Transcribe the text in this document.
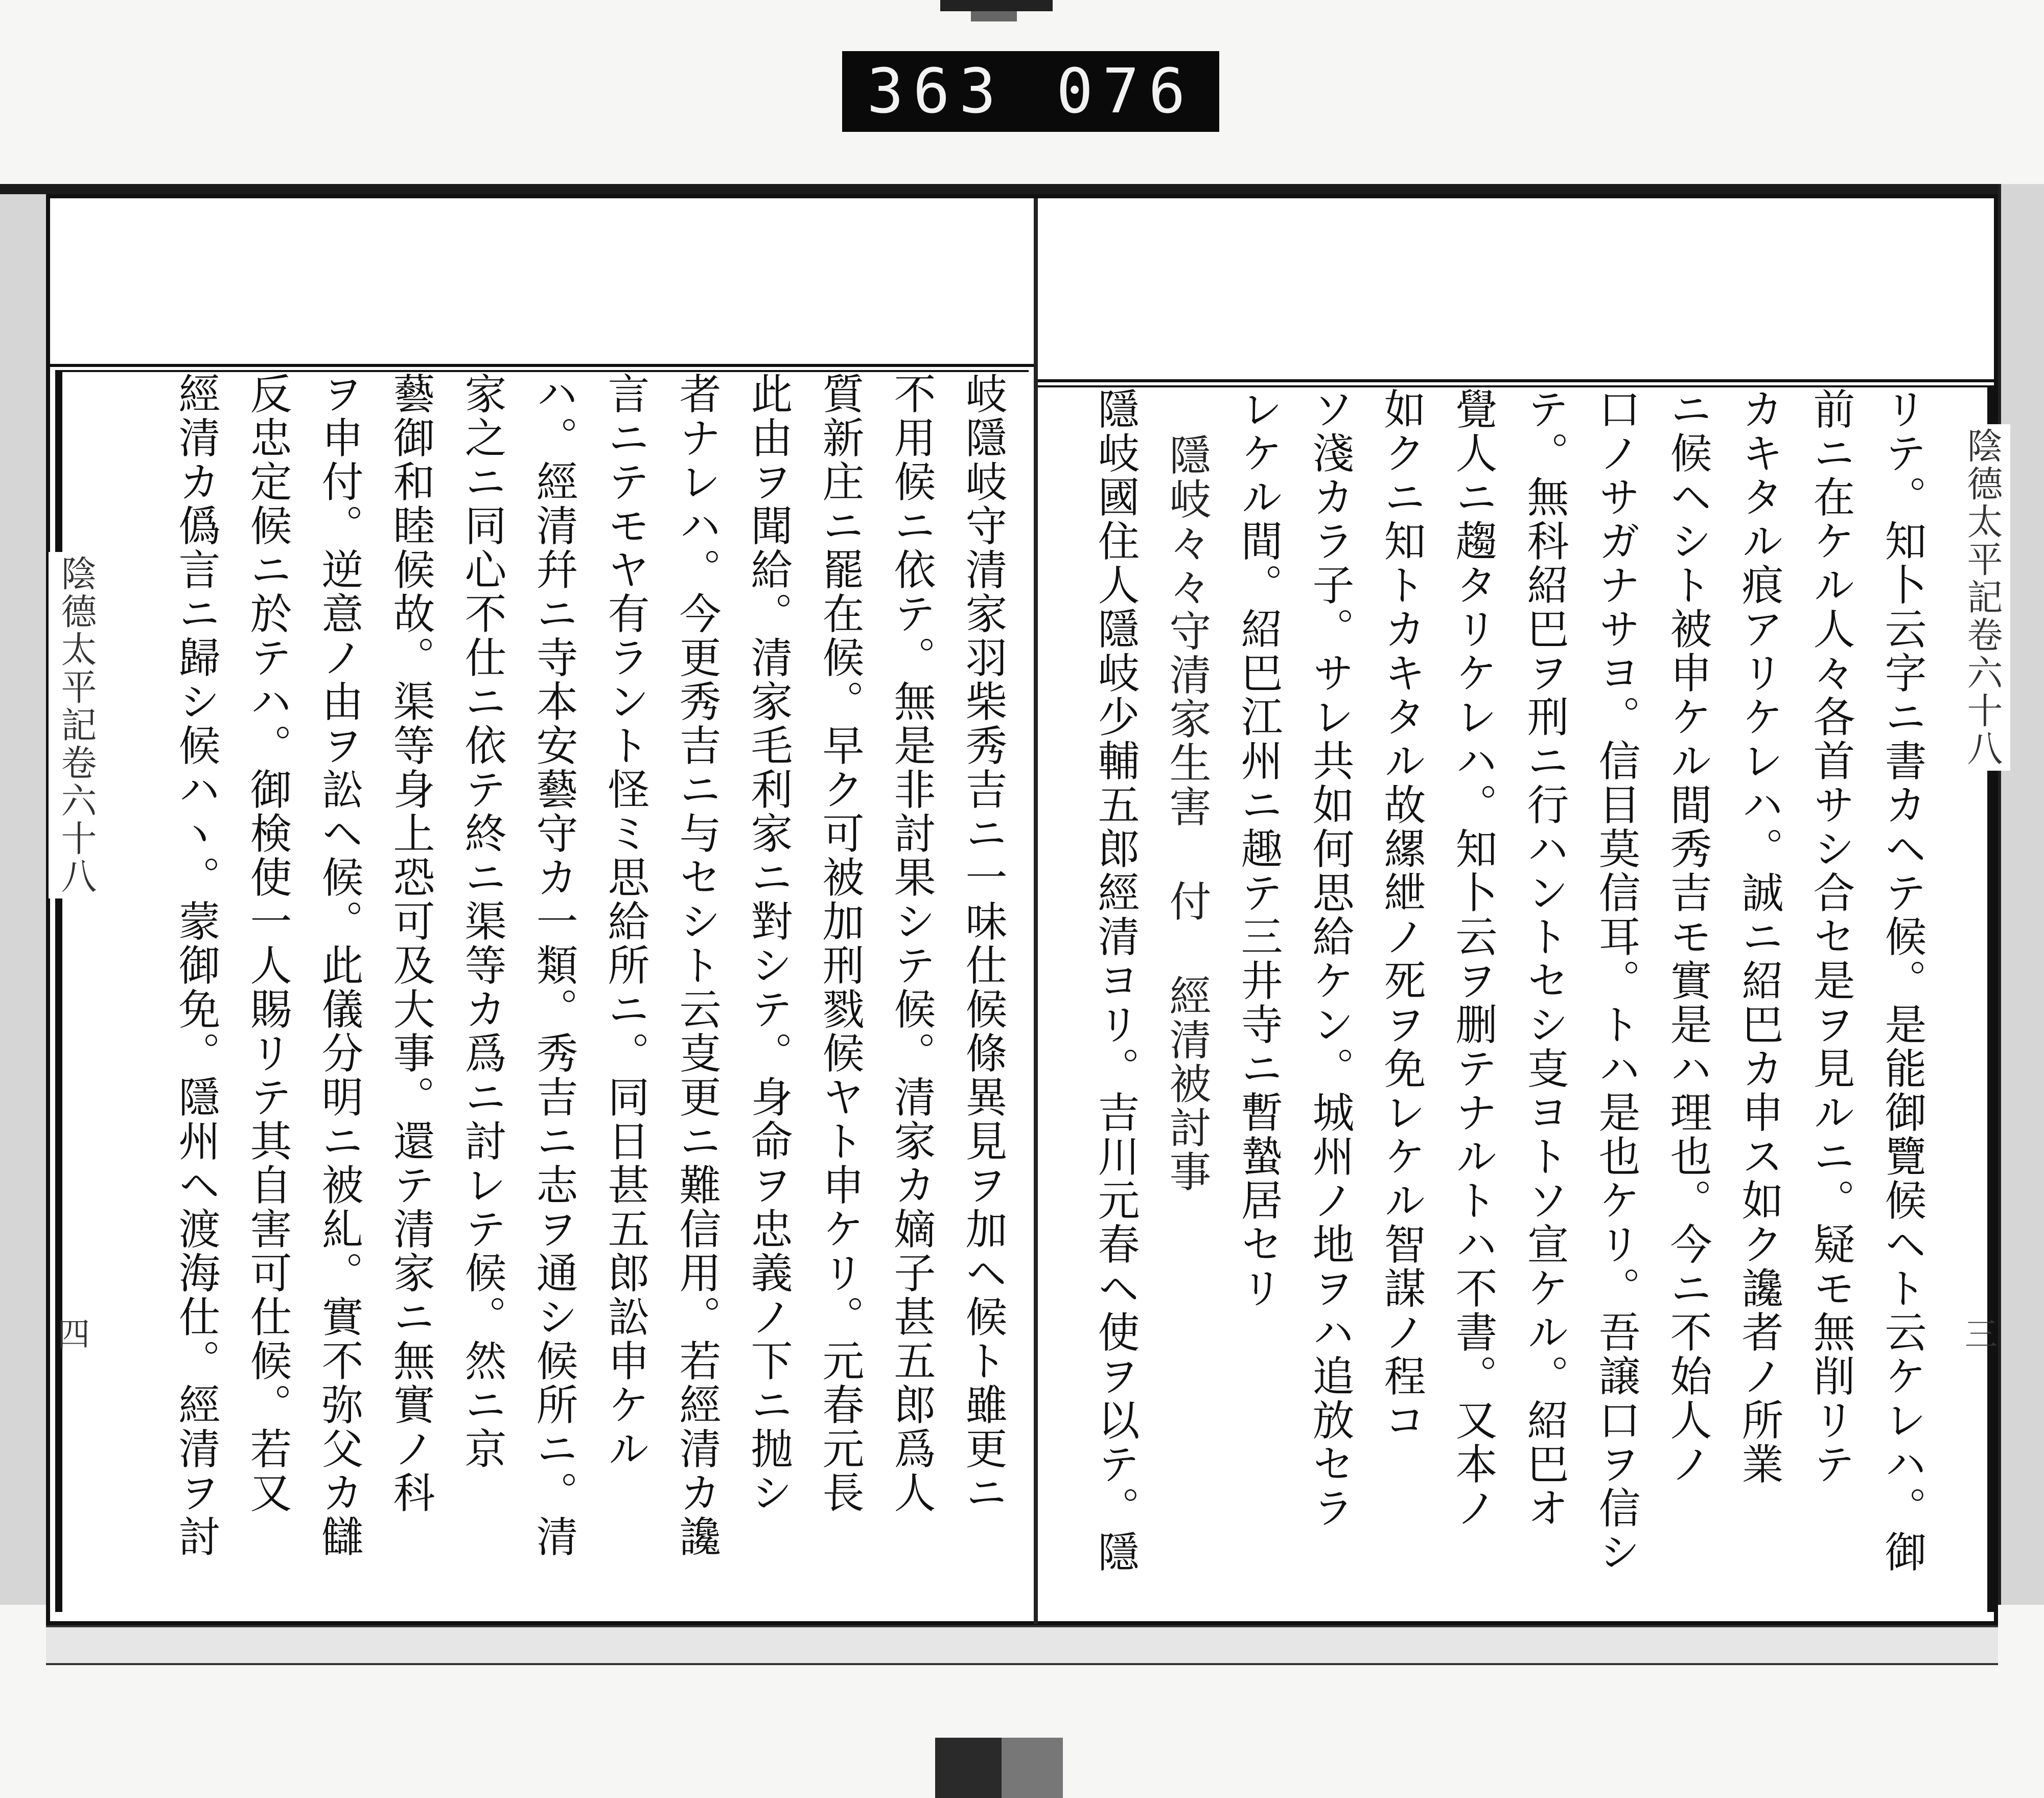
363 076
岐隱岐守清家羽柴秀吉ニ一味仕候條異見ヲ加ヘ候ト雖更ニ
不用候ニ依テ。無是非討果シテ候。清家カ嫡子甚五郎爲人
質新庄ニ罷在候。早ク可被加刑戮候ヤト申ケリ。元春元長
此由ヲ聞給。清家毛利家ニ對シテ。身命ヲ忠義ノ下ニ抛シ
者ナレハ。今更秀吉ニ与セシト云㕝更ニ難信用。若經清カ讒
言ニテモヤ有ラント怪ミ思給所ニ。同日甚五郎訟申ケル
ハ。經清幷ニ寺本安藝守カ一類。秀吉ニ志ヲ通シ候所ニ。清
家之ニ同心不仕ニ依テ終ニ渠等カ爲ニ討レテ候。然ニ京
藝御和睦候故。渠等身上恐可及大事。還テ清家ニ無實ノ科
ヲ申付。逆意ノ由ヲ訟ヘ候。此儀分明ニ被糺。實不弥父カ讎
反忠定候ニ於テハ。御検使一人賜リテ其自害可仕候。若又
經清カ僞言ニ歸シ候ハヽ。蒙御免。隱州ヘ渡海仕。經清ヲ討	リテ。知卜云字ニ書カヘテ候。是能御覽候ヘト云ケレハ。御
前ニ在ケル人々各首サシ合セ是ヲ見ルニ。疑モ無削リテ
カキタル痕アリケレハ。誠ニ紹巴カ申ス如ク讒者ノ所業
ニ候ヘシト被申ケル間秀吉モ實是ハ理也。今ニ不始人ノ
口ノサガナサヨ。信目莫信耳。トハ是也ケリ。吾譲口ヲ信シ
テ。無科紹巴ヲ刑ニ行ハントセシ㕝ヨトソ宣ケル。紹巴オ
覺人ニ趨タリケレハ。知卜云ヲ删テナルトハ不書。又本ノ
如クニ知トカキタル故縲紲ノ死ヲ免レケル智謀ノ程コ
ソ淺カラ子。サレ共如何思給ケン。城州ノ地ヲハ追放セラ
レケル間。紹巴江州ニ趣テ三井寺ニ暫蟄居セリ
隱岐々々守清家生害 付 經清被討事
隱岐國住人隱岐少輔五郎經清ヨリ。吉川元春ヘ使ヲ以テ。隱
陰德太平記卷六十八
四
陰德太平記卷六十八
三
